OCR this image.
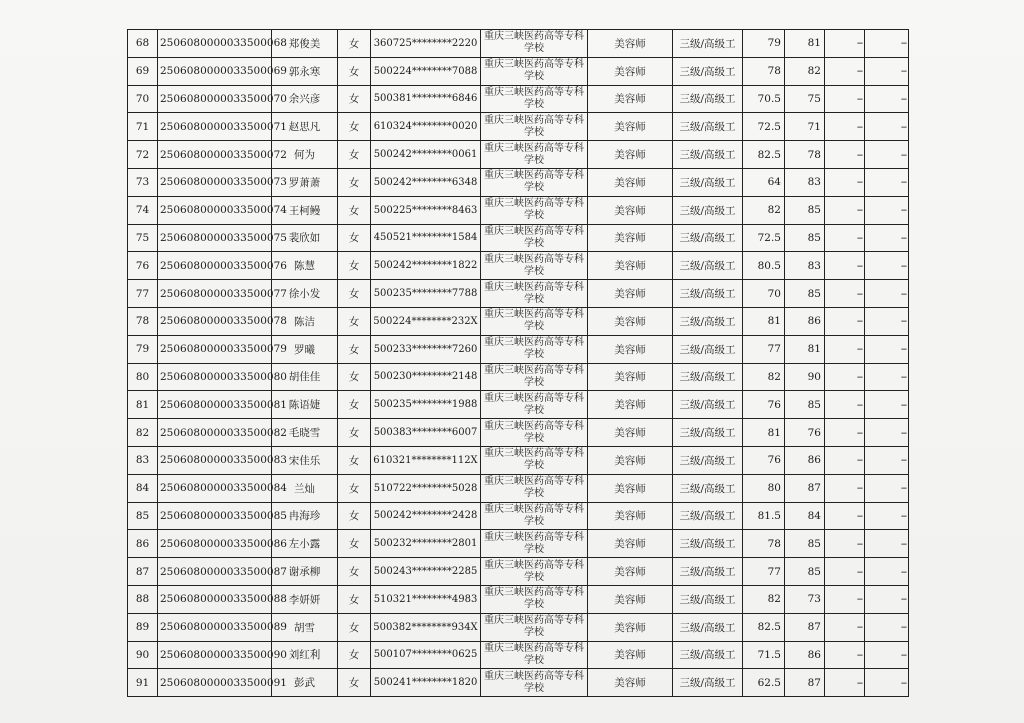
68	2506080000033500068	郑俊美	女	360725********2220	重庆三峡医药高等专科学校	美容师	三级/高级工	79	81	--	--
69	2506080000033500069	郭永寒	女	500224********7088	重庆三峡医药高等专科学校	美容师	三级/高级工	78	82	--	--
70	2506080000033500070	余兴彦	女	500381********6846	重庆三峡医药高等专科学校	美容师	三级/高级工	70.5	75	--	--
71	2506080000033500071	赵思凡	女	610324********0020	重庆三峡医药高等专科学校	美容师	三级/高级工	72.5	71	--	--
72	2506080000033500072	何为	女	500242********0061	重庆三峡医药高等专科学校	美容师	三级/高级工	82.5	78	--	--
73	2506080000033500073	罗萧萧	女	500242********6348	重庆三峡医药高等专科学校	美容师	三级/高级工	64	83	--	--
74	2506080000033500074	王柯鳗	女	500225********8463	重庆三峡医药高等专科学校	美容师	三级/高级工	82	85	--	--
75	2506080000033500075	裴欣如	女	450521********1584	重庆三峡医药高等专科学校	美容师	三级/高级工	72.5	85	--	--
76	2506080000033500076	陈慧	女	500242********1822	重庆三峡医药高等专科学校	美容师	三级/高级工	80.5	83	--	--
77	2506080000033500077	徐小发	女	500235********7788	重庆三峡医药高等专科学校	美容师	三级/高级工	70	85	--	--
78	2506080000033500078	陈洁	女	500224********232X	重庆三峡医药高等专科学校	美容师	三级/高级工	81	86	--	--
79	2506080000033500079	罗曦	女	500233********7260	重庆三峡医药高等专科学校	美容师	三级/高级工	77	81	--	--
80	2506080000033500080	胡佳佳	女	500230********2148	重庆三峡医药高等专科学校	美容师	三级/高级工	82	90	--	--
81	2506080000033500081	陈语婕	女	500235********1988	重庆三峡医药高等专科学校	美容师	三级/高级工	76	85	--	--
82	2506080000033500082	毛晓雪	女	500383********6007	重庆三峡医药高等专科学校	美容师	三级/高级工	81	76	--	--
83	2506080000033500083	宋佳乐	女	610321********112X	重庆三峡医药高等专科学校	美容师	三级/高级工	76	86	--	--
84	2506080000033500084	兰灿	女	510722********5028	重庆三峡医药高等专科学校	美容师	三级/高级工	80	87	--	--
85	2506080000033500085	冉海珍	女	500242********2428	重庆三峡医药高等专科学校	美容师	三级/高级工	81.5	84	--	--
86	2506080000033500086	左小露	女	500232********2801	重庆三峡医药高等专科学校	美容师	三级/高级工	78	85	--	--
87	2506080000033500087	谢承柳	女	500243********2285	重庆三峡医药高等专科学校	美容师	三级/高级工	77	85	--	--
88	2506080000033500088	李妍妍	女	510321********4983	重庆三峡医药高等专科学校	美容师	三级/高级工	82	73	--	--
89	2506080000033500089	胡雪	女	500382********934X	重庆三峡医药高等专科学校	美容师	三级/高级工	82.5	87	--	--
90	2506080000033500090	刘红利	女	500107********0625	重庆三峡医药高等专科学校	美容师	三级/高级工	71.5	86	--	--
91	2506080000033500091	彭武	女	500241********1820	重庆三峡医药高等专科学校	美容师	三级/高级工	62.5	87	--	--
